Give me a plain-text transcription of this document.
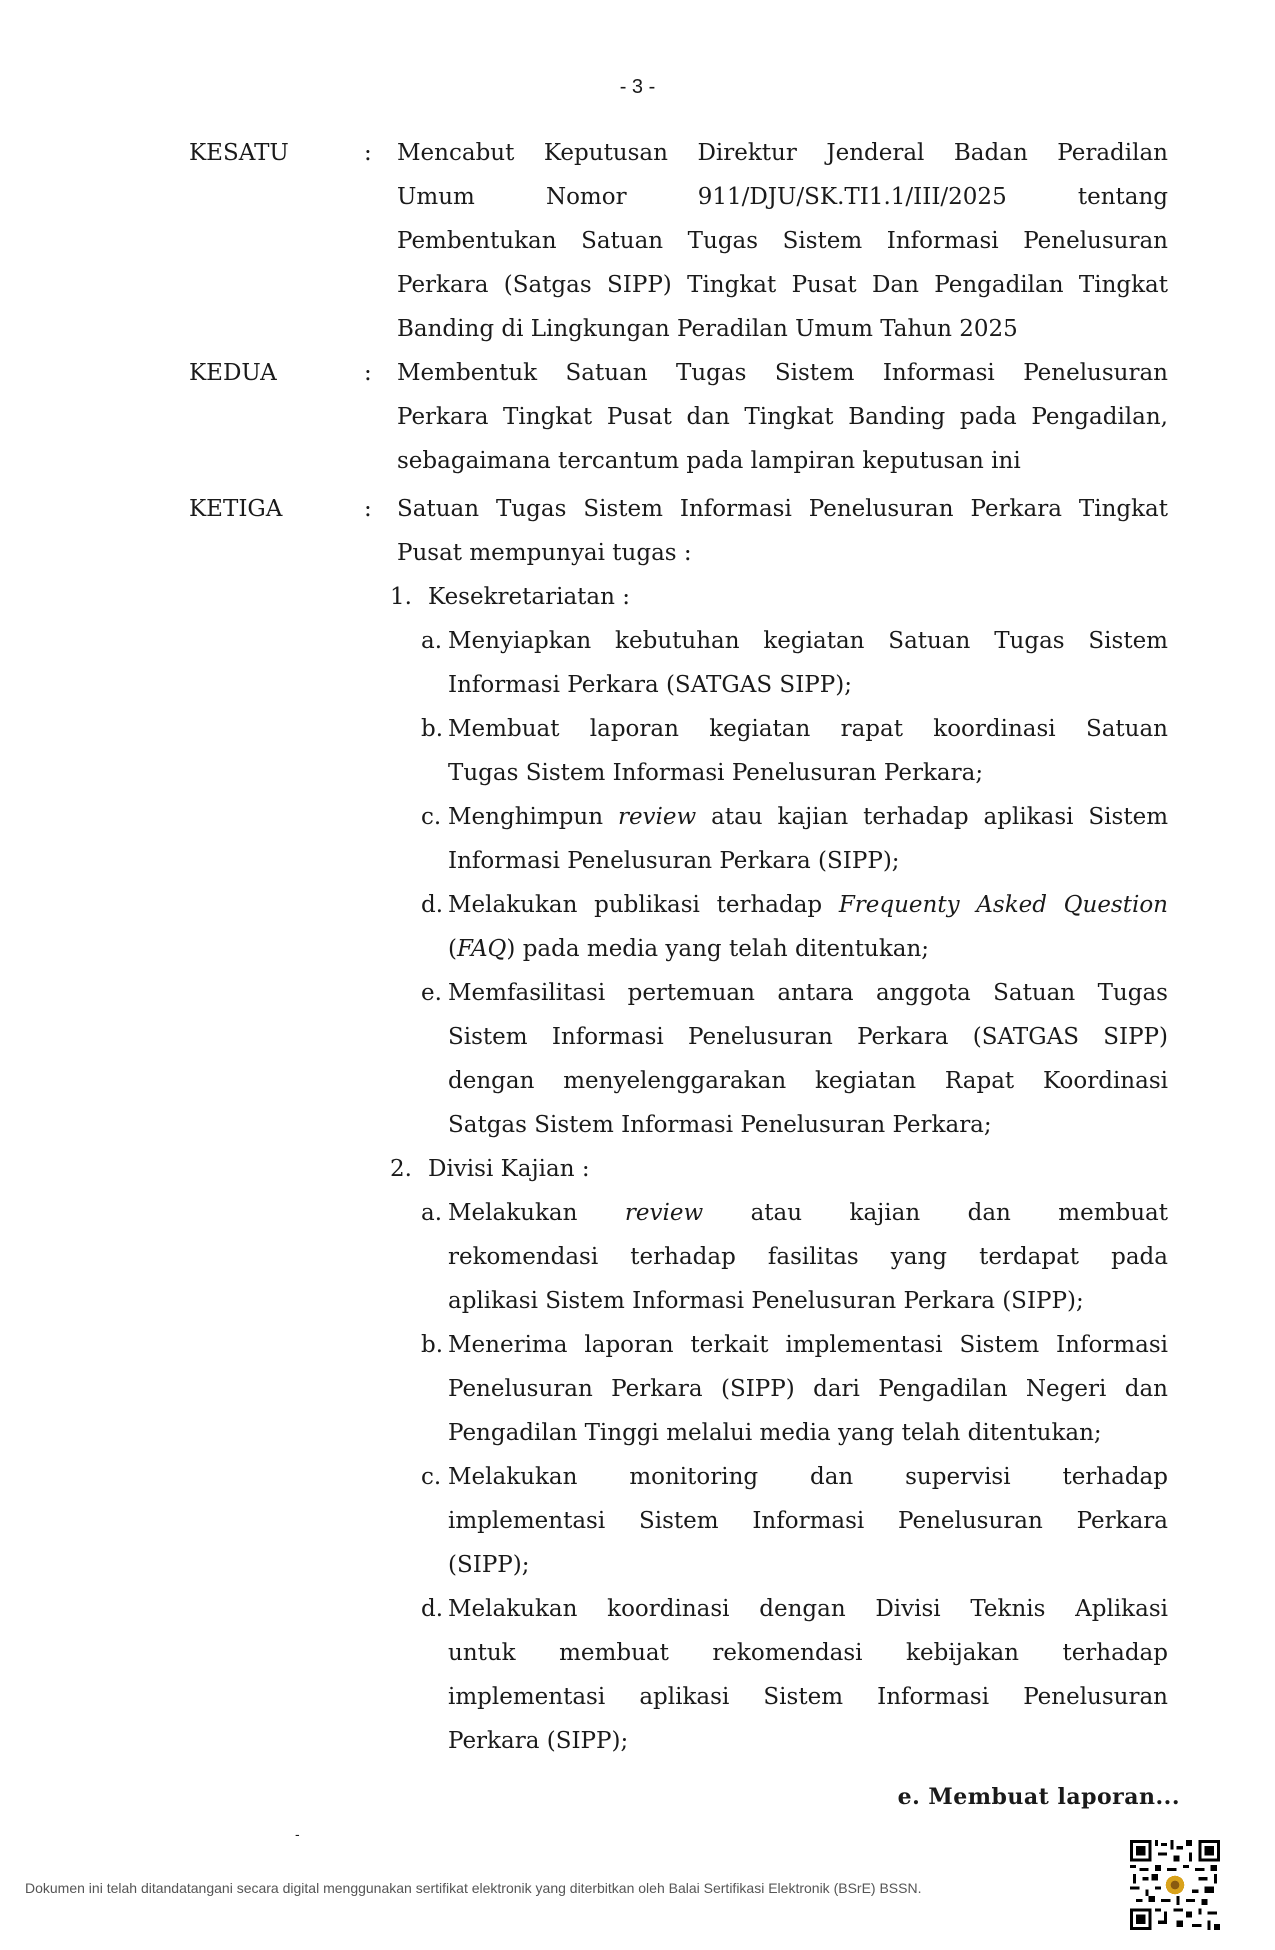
- 3 -
KESATU	: Mencabut Keputusan Direktur Jenderal Badan Peradilan
Umum Nomor 911/DJU/SK.TI1.1/III/2025 tentang
Pembentukan Satuan Tugas Sistem Informasi Penelusuran
Perkara (Satgas SIPP) Tingkat Pusat Dan Pengadilan Tingkat
Banding di Lingkungan Peradilan Umum Tahun 2025
KEDUA	: Membentuk Satuan Tugas Sistem Informasi Penelusuran
Perkara Tingkat Pusat dan Tingkat Banding pada Pengadilan,
sebagaimana tercantum pada lampiran keputusan ini
KETIGA	: Satuan Tugas Sistem Informasi Penelusuran Perkara Tingkat
Pusat mempunyai tugas :
1. Kesekretariatan :
a. Menyiapkan kebutuhan kegiatan Satuan Tugas Sistem
Informasi Perkara (SATGAS SIPP);
b. Membuat laporan kegiatan rapat koordinasi Satuan
Tugas Sistem Informasi Penelusuran Perkara;
c. Menghimpun review atau kajian terhadap aplikasi Sistem
Informasi Penelusuran Perkara (SIPP);
d. Melakukan publikasi terhadap Frequenty Asked Question
(FAQ) pada media yang telah ditentukan;
e. Memfasilitasi pertemuan antara anggota Satuan Tugas
Sistem Informasi Penelusuran Perkara (SATGAS SIPP)
dengan menyelenggarakan kegiatan Rapat Koordinasi
Satgas Sistem Informasi Penelusuran Perkara;
2. Divisi Kajian :
a. Melakukan review atau kajian dan membuat
rekomendasi terhadap fasilitas yang terdapat pada
aplikasi Sistem Informasi Penelusuran Perkara (SIPP);
b. Menerima laporan terkait implementasi Sistem Informasi
Penelusuran Perkara (SIPP) dari Pengadilan Negeri dan
Pengadilan Tinggi melalui media yang telah ditentukan;
c. Melakukan monitoring dan supervisi terhadap
implementasi Sistem Informasi Penelusuran Perkara
(SIPP);
d. Melakukan koordinasi dengan Divisi Teknis Aplikasi
untuk membuat rekomendasi kebijakan terhadap
implementasi aplikasi Sistem Informasi Penelusuran
Perkara (SIPP);
e. Membuat laporan...
-
Dokumen ini telah ditandatangani secara digital menggunakan sertifikat elektronik yang diterbitkan oleh Balai Sertifikasi Elektronik (BSrE) BSSN.
